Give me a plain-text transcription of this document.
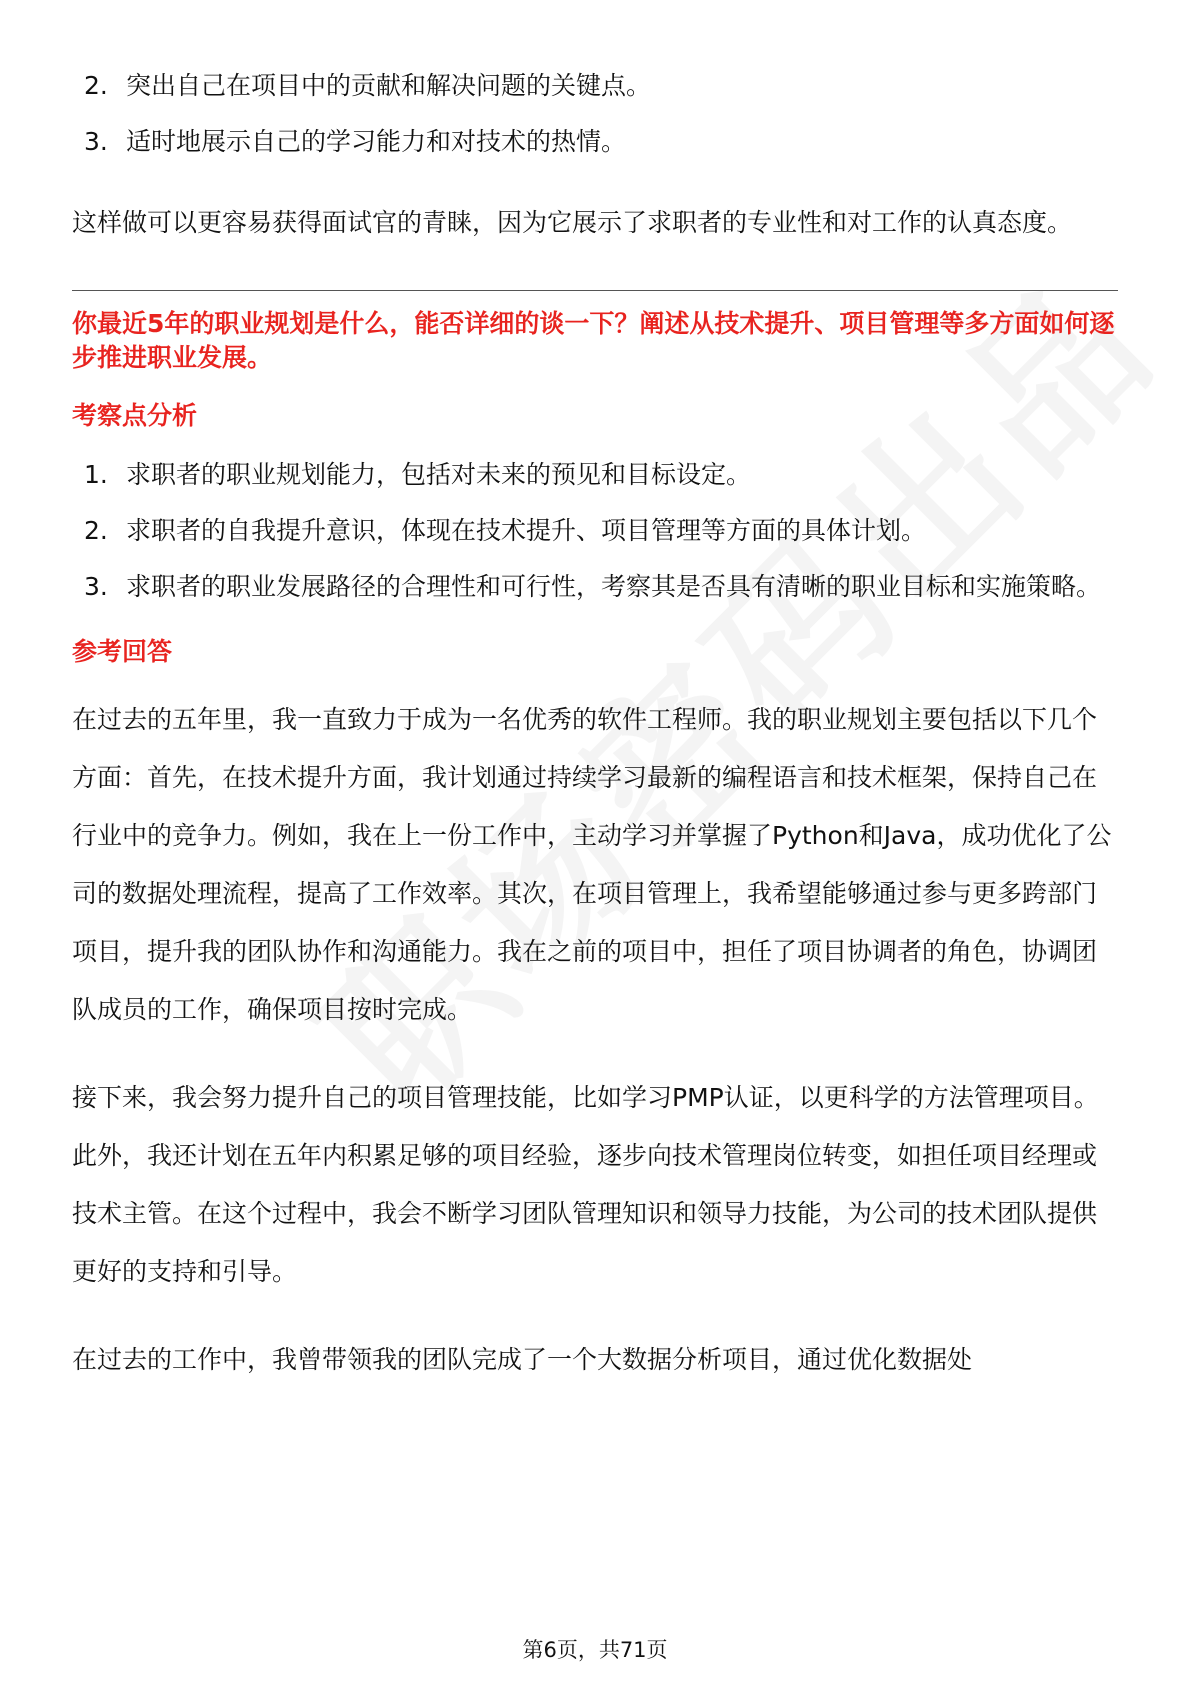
2. 突出自己在项目中的贡献和解决问题的关键点。
3. 适时地展示自己的学习能力和对技术的热情。

这样做可以更容易获得面试官的青睐，因为它展示了求职者的专业性和对工作的认真态度。

你最近5年的职业规划是什么，能否详细的谈一下？阐述从技术提升、项目管理等多方面如何逐步推进职业发展。

考察点分析
1. 求职者的职业规划能力，包括对未来的预见和目标设定。
2. 求职者的自我提升意识，体现在技术提升、项目管理等方面的具体计划。
3. 求职者的职业发展路径的合理性和可行性，考察其是否具有清晰的职业目标和实施策略。
参考回答

在过去的五年里，我一直致力于成为一名优秀的软件工程师。我的职业规划主要包括以下几个方面：首先，在技术提升方面，我计划通过持续学习最新的编程语言和技术框架，保持自己在行业中的竞争力。例如，我在上一份工作中，主动学习并掌握了Python和Java，成功优化了公司的数据处理流程，提高了工作效率。其次，在项目管理上，我希望能够通过参与更多跨部门项目，提升我的团队协作和沟通能力。我在之前的项目中，担任了项目协调者的角色，协调团队成员的工作，确保项目按时完成。

接下来，我会努力提升自己的项目管理技能，比如学习PMP认证，以更科学的方法管理项目。此外，我还计划在五年内积累足够的项目经验，逐步向技术管理岗位转变，如担任项目经理或技术主管。在这个过程中，我会不断学习团队管理知识和领导力技能，为公司的技术团队提供更好的支持和引导。

在过去的工作中，我曾带领我的团队完成了一个大数据分析项目，通过优化数据处

第6页，共71页
